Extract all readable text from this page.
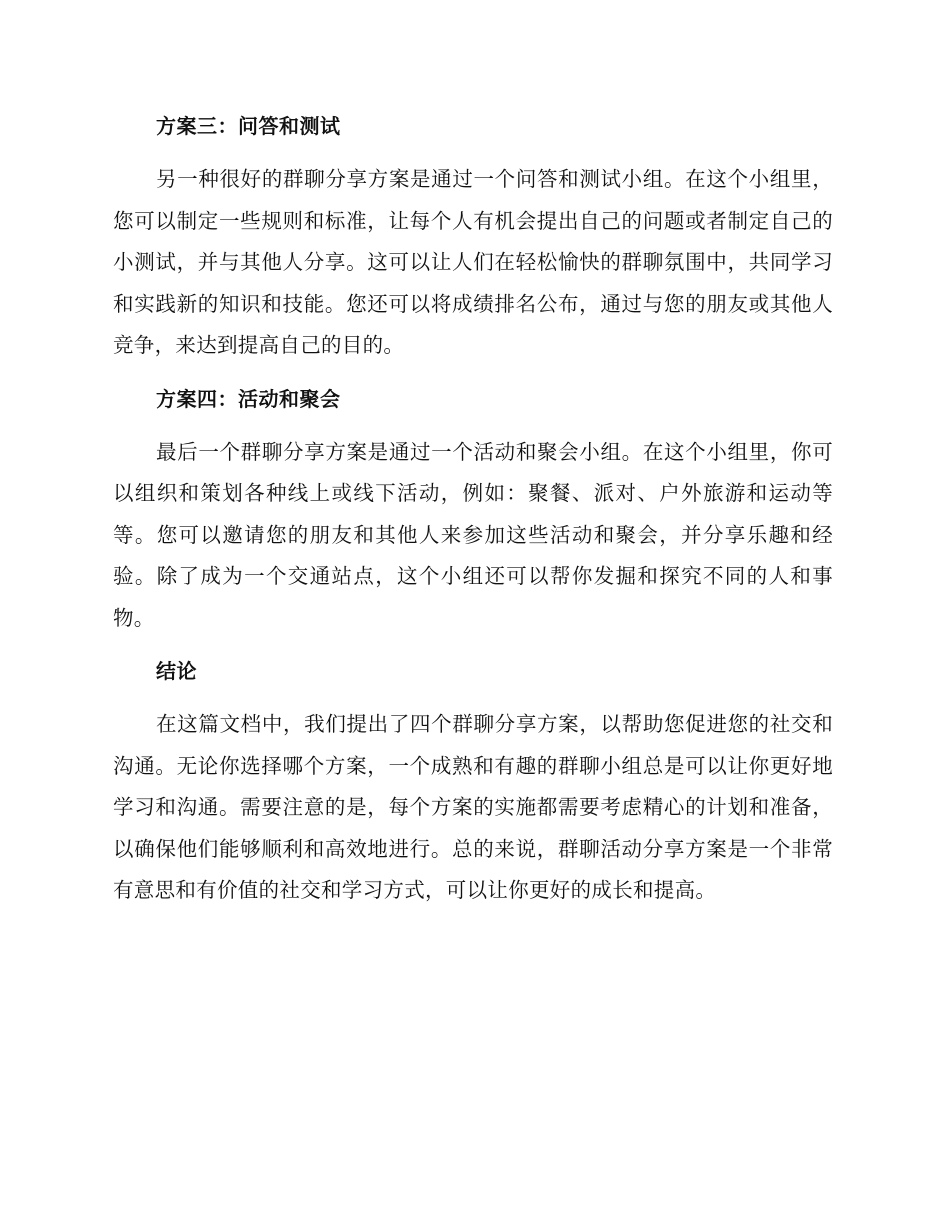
方案三：问答和测试
另一种很好的群聊分享方案是通过一个问答和测试小组。在这个小组里，您可以制定一些规则和标准，让每个人有机会提出自己的问题或者制定自己的小测试，并与其他人分享。这可以让人们在轻松愉快的群聊氛围中，共同学习和实践新的知识和技能。您还可以将成绩排名公布，通过与您的朋友或其他人竞争，来达到提高自己的目的。
方案四：活动和聚会
最后一个群聊分享方案是通过一个活动和聚会小组。在这个小组里，你可以组织和策划各种线上或线下活动，例如：聚餐、派对、户外旅游和运动等等。您可以邀请您的朋友和其他人来参加这些活动和聚会，并分享乐趣和经验。除了成为一个交通站点，这个小组还可以帮你发掘和探究不同的人和事物。
结论
在这篇文档中，我们提出了四个群聊分享方案，以帮助您促进您的社交和沟通。无论你选择哪个方案，一个成熟和有趣的群聊小组总是可以让你更好地学习和沟通。需要注意的是，每个方案的实施都需要考虑精心的计划和准备，以确保他们能够顺利和高效地进行。总的来说，群聊活动分享方案是一个非常有意思和有价值的社交和学习方式，可以让你更好的成长和提高。
